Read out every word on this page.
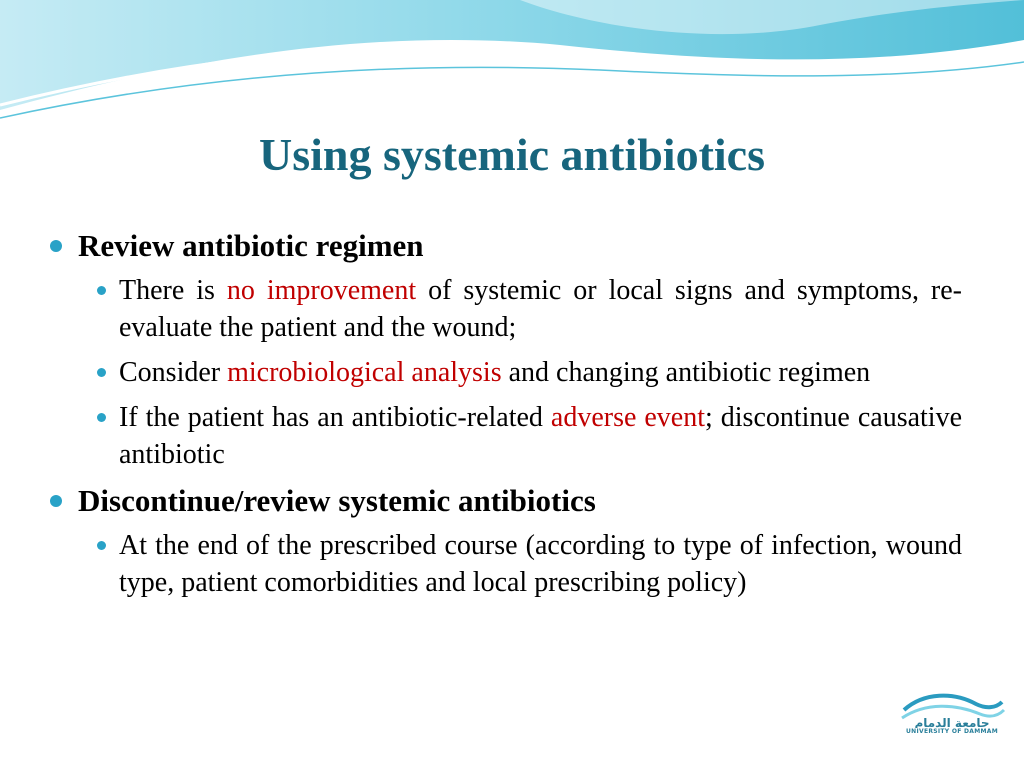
Using systemic antibiotics

Review antibiotic regimen

There is no improvement of systemic or local signs and symptoms, re-evaluate the patient and the wound;

Consider microbiological analysis and changing antibiotic regimen

If the patient has an antibiotic-related adverse event; discontinue causative antibiotic

Discontinue/review systemic antibiotics

At the end of the prescribed course (according to type of infection, wound type, patient comorbidities and local prescribing policy)

جامعة الدمام
UNIVERSITY OF DAMMAM
